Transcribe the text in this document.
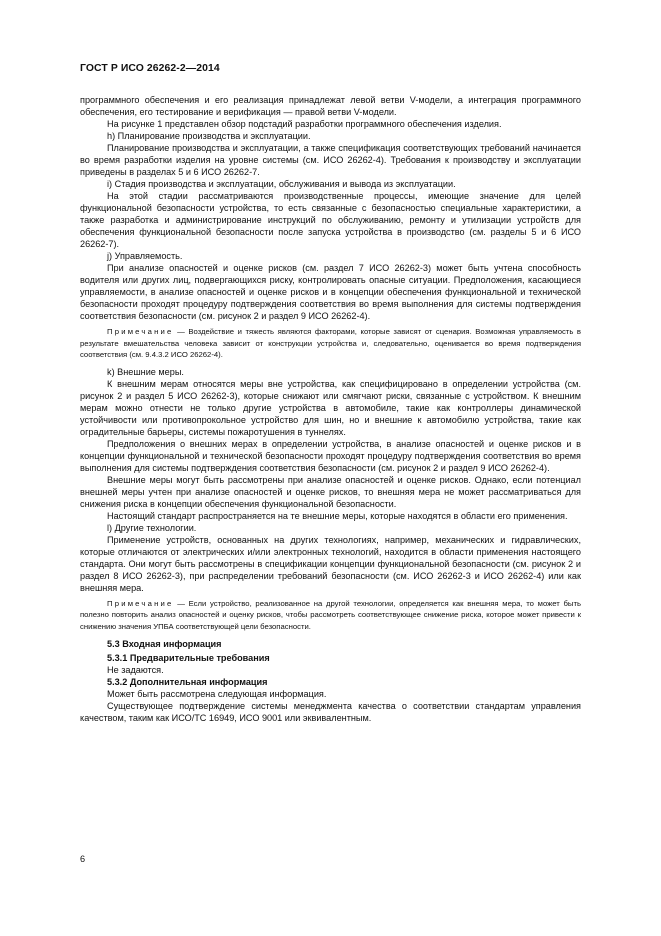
ГОСТ Р ИСО 26262-2—2014

программного обеспечения и его реализация принадлежат левой ветви V-модели, а интеграция программного обеспечения, его тестирование и верификация — правой ветви V-модели.

На рисунке 1 представлен обзор подстадий разработки программного обеспечения изделия.

h) Планирование производства и эксплуатации.

Планирование производства и эксплуатации, а также спецификация соответствующих требований начинается во время разработки изделия на уровне системы (см. ИСО 26262-4). Требования к производству и эксплуатации приведены в разделах 5 и 6 ИСО 26262-7.

i) Стадия производства и эксплуатации, обслуживания и вывода из эксплуатации.

На этой стадии рассматриваются производственные процессы, имеющие значение для целей функциональной безопасности устройства, то есть связанные с безопасностью специальные характеристики, а также разработка и администрирование инструкций по обслуживанию, ремонту и утилизации устройств для обеспечения функциональной безопасности после запуска устройства в производство (см. разделы 5 и 6 ИСО 26262-7).

j) Управляемость.

При анализе опасностей и оценке рисков (см. раздел 7 ИСО 26262-3) может быть учтена способность водителя или других лиц, подвергающихся риску, контролировать опасные ситуации. Предположения, касающиеся управляемости, в анализе опасностей и оценке рисков и в концепции обеспечения функциональной и технической безопасности проходят процедуру подтверждения соответствия во время выполнения для системы подтверждения соответствия безопасности (см. рисунок 2 и раздел 9 ИСО 26262-4).

Примечание — Воздействие и тяжесть являются факторами, которые зависят от сценария. Возможная управляемость в результате вмешательства человека зависит от конструкции устройства и, следовательно, оценивается во время подтверждения соответствия (см. 9.4.3.2 ИСО 26262-4).

k) Внешние меры.

К внешним мерам относятся меры вне устройства, как специфицировано в определении устройства (см. рисунок 2 и раздел 5 ИСО 26262-3), которые снижают или смягчают риски, связанные с устройством. К внешним мерам можно отнести не только другие устройства в автомобиле, такие как контроллеры динамической устойчивости или противопрокольное устройство для шин, но и внешние к автомобилю устройства, такие как оградительные барьеры, системы пожаротушения в туннелях.

Предположения о внешних мерах в определении устройства, в анализе опасностей и оценке рисков и в концепции функциональной и технической безопасности проходят процедуру подтверждения соответствия во время выполнения для системы подтверждения соответствия безопасности (см. рисунок 2 и раздел 9 ИСО 26262-4).

Внешние меры могут быть рассмотрены при анализе опасностей и оценке рисков. Однако, если потенциал внешней меры учтен при анализе опасностей и оценке рисков, то внешняя мера не может рассматриваться для снижения риска в концепции обеспечения функциональной безопасности.

Настоящий стандарт распространяется на те внешние меры, которые находятся в области его применения.

l) Другие технологии.

Применение устройств, основанных на других технологиях, например, механических и гидравлических, которые отличаются от электрических и/или электронных технологий, находится в области применения настоящего стандарта. Они могут быть рассмотрены в спецификации концепции функциональной безопасности (см. рисунок 2 и раздел 8 ИСО 26262-3), при распределении требований безопасности (см. ИСО 26262-3 и ИСО 26262-4) или как внешняя мера.

Примечание — Если устройство, реализованное на другой технологии, определяется как внешняя мера, то может быть полезно повторить анализ опасностей и оценку рисков, чтобы рассмотреть соответствующее снижение риска, которое может привести к снижению значения УПБА соответствующей цели безопасности.

5.3 Входная информация

5.3.1 Предварительные требования

Не задаются.

5.3.2 Дополнительная информация

Может быть рассмотрена следующая информация.

Существующее подтверждение системы менеджмента качества о соответствии стандартам управления качеством, таким как ИСО/ТС 16949, ИСО 9001 или эквивалентным.

6
